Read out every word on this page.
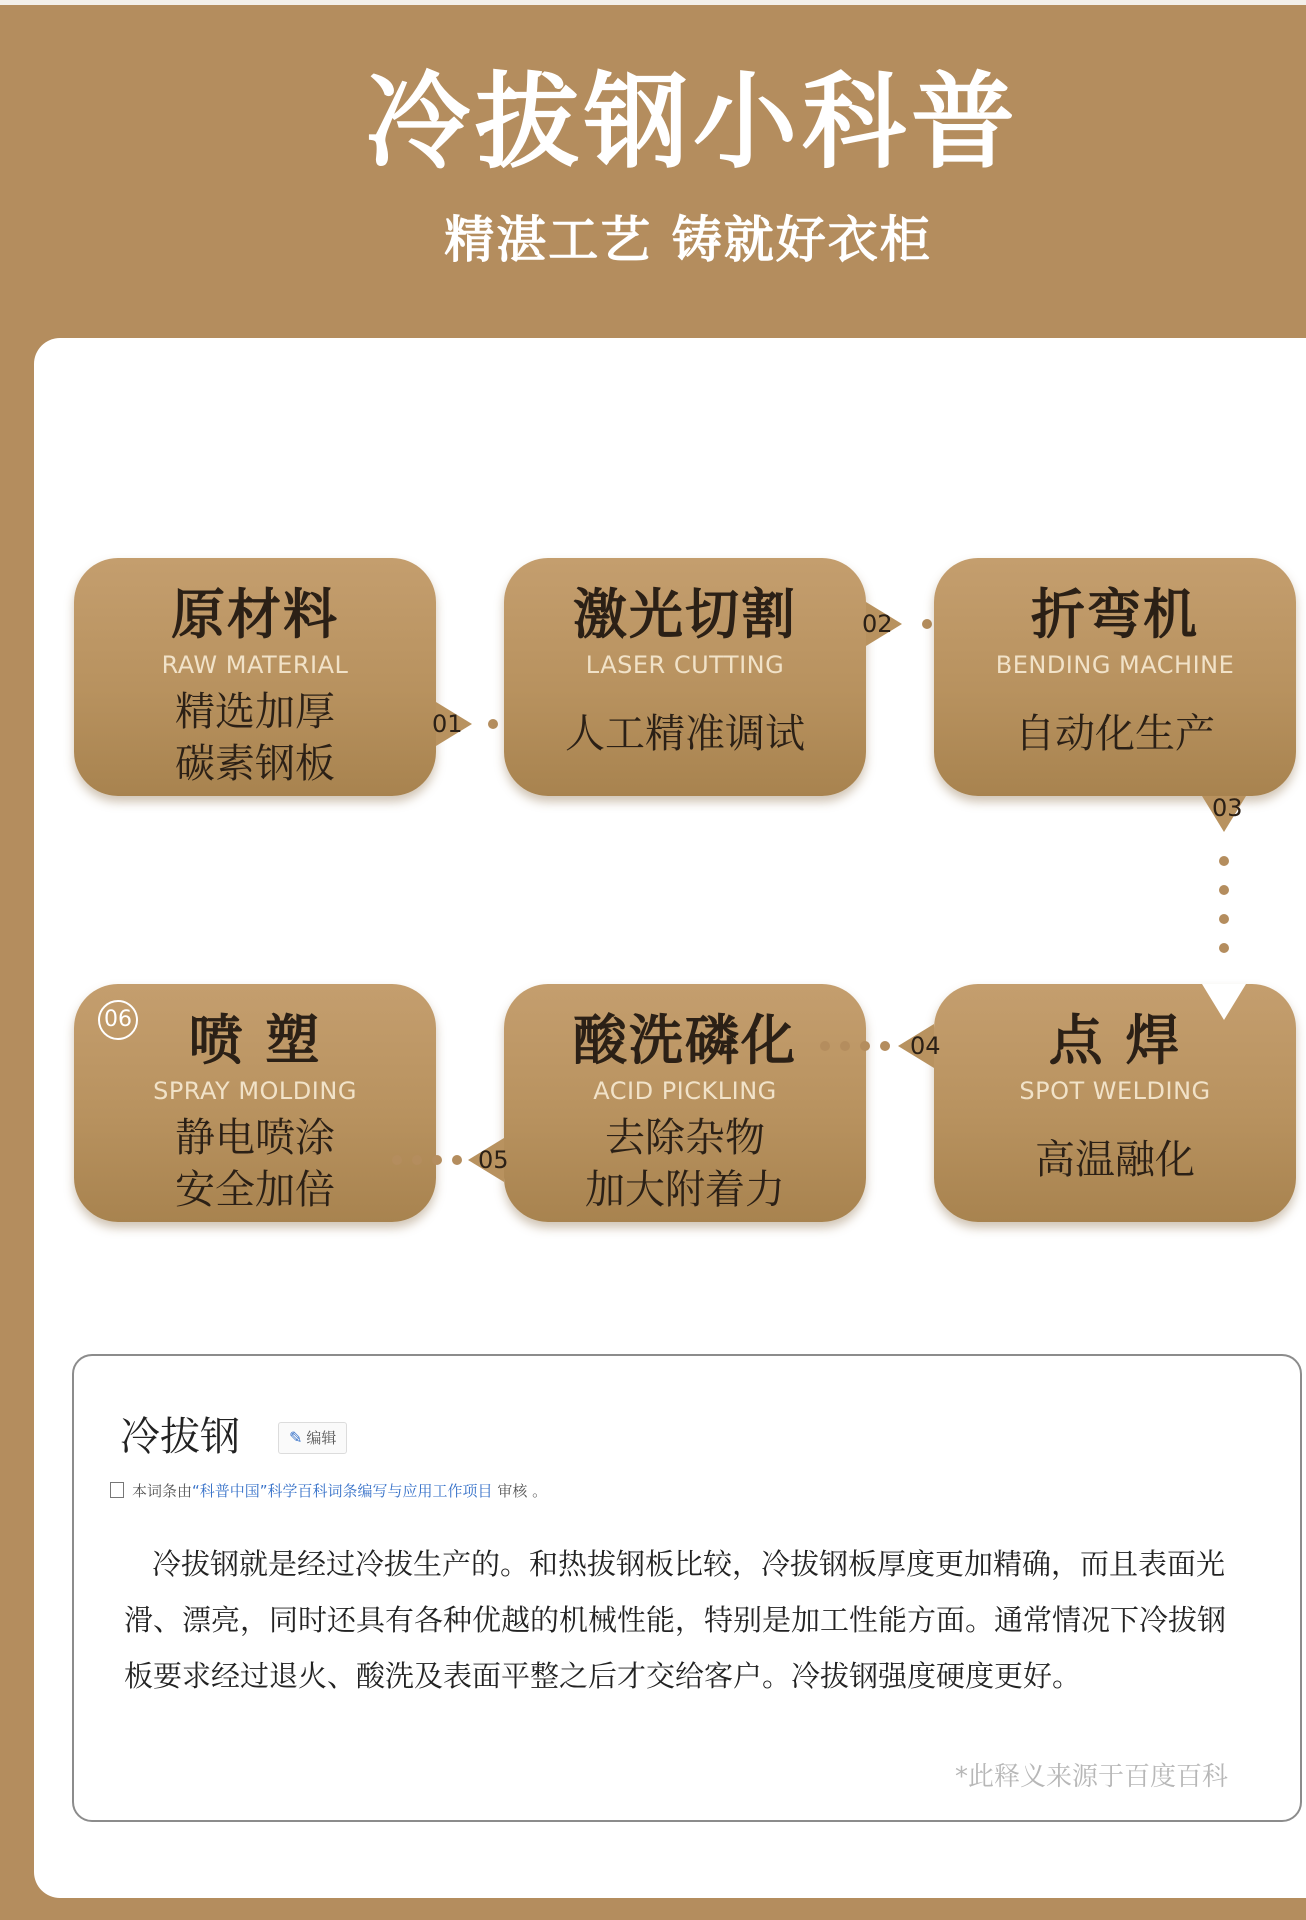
冷拔钢小科普
精湛工艺 铸就好衣柜
原材料
RAW MATERIAL
精选加厚
碳素钢板
01
激光切割
LASER CUTTING
人工精准调试
02	折弯机
BENDING MACHINE
自动化生产
03
06	喷 塑
SPRAY MOLDING
静电喷涂
安全加倍
酸洗磷化
ACID PICKLING
去除杂物
加大附着力
点 焊
SPOT WELDING
高温融化
04
05
冷拔钢	✎ 编辑
本词条由“科普中国”科学百科词条编写与应用工作项目 审核 。
冷拔钢就是经过冷拔生产的。和热拔钢板比较，冷拔钢板厚度更加精确，而且表面光滑、漂亮，同时还具有各种优越的机械性能，特别是加工性能方面。通常情况下冷拔钢板要求经过退火、酸洗及表面平整之后才交给客户。冷拔钢强度硬度更好。
*此释义来源于百度百科
